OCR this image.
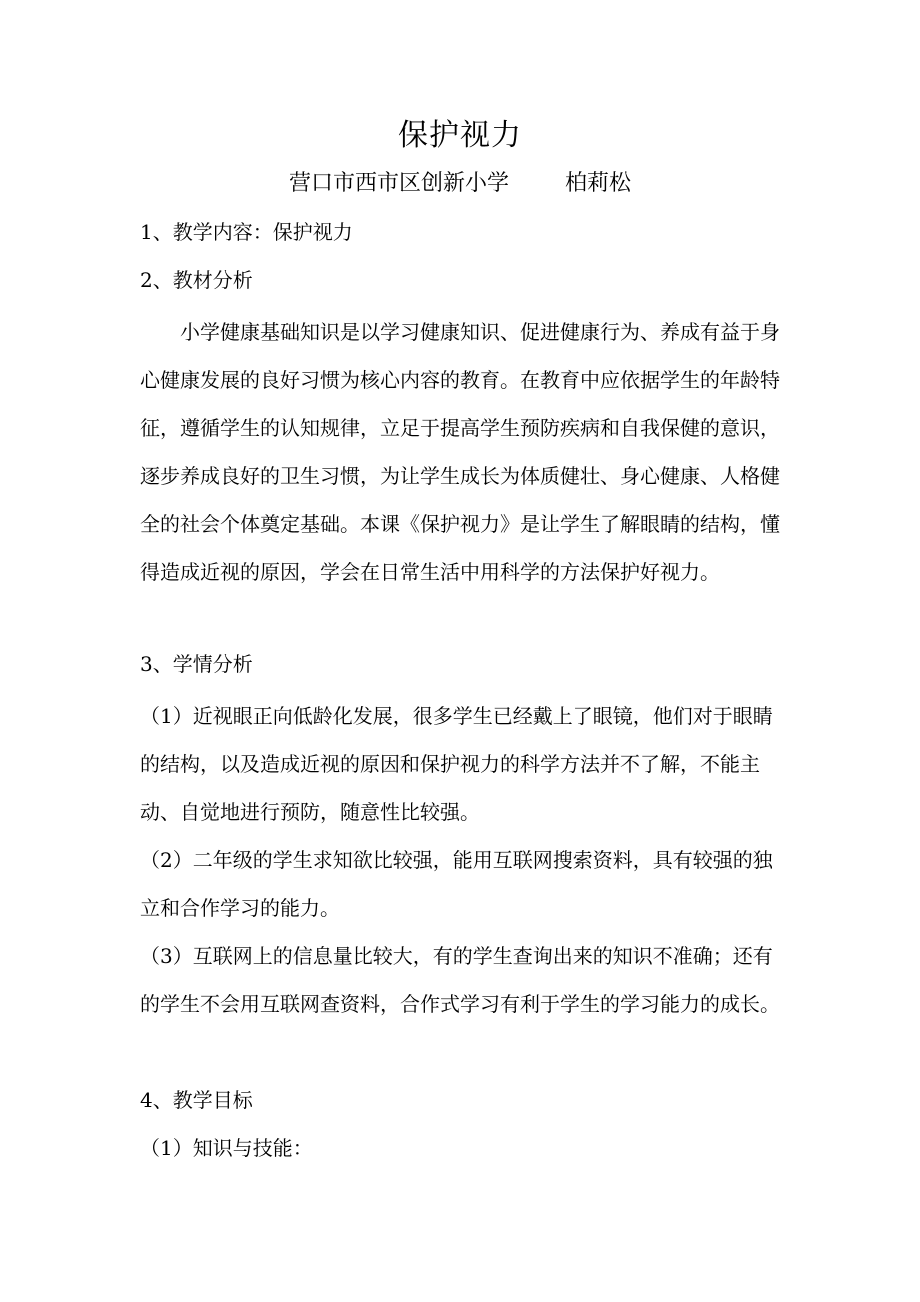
保护视力
营口市西市区创新小学        柏莉松

1、教学内容：保护视力

2、教材分析

小学健康基础知识是以学习健康知识、促进健康行为、养成有益于身心健康发展的良好习惯为核心内容的教育。在教育中应依据学生的年龄特征，遵循学生的认知规律，立足于提高学生预防疾病和自我保健的意识，逐步养成良好的卫生习惯，为让学生成长为体质健壮、身心健康、人格健全的社会个体奠定基础。本课《保护视力》是让学生了解眼睛的结构，懂得造成近视的原因，学会在日常生活中用科学的方法保护好视力。

3、学情分析

（1）近视眼正向低龄化发展，很多学生已经戴上了眼镜，他们对于眼睛的结构，以及造成近视的原因和保护视力的科学方法并不了解，不能主动、自觉地进行预防，随意性比较强。

（2）二年级的学生求知欲比较强，能用互联网搜索资料，具有较强的独立和合作学习的能力。

（3）互联网上的信息量比较大，有的学生查询出来的知识不准确；还有的学生不会用互联网查资料，合作式学习有利于学生的学习能力的成长。

4、教学目标

（1）知识与技能：
